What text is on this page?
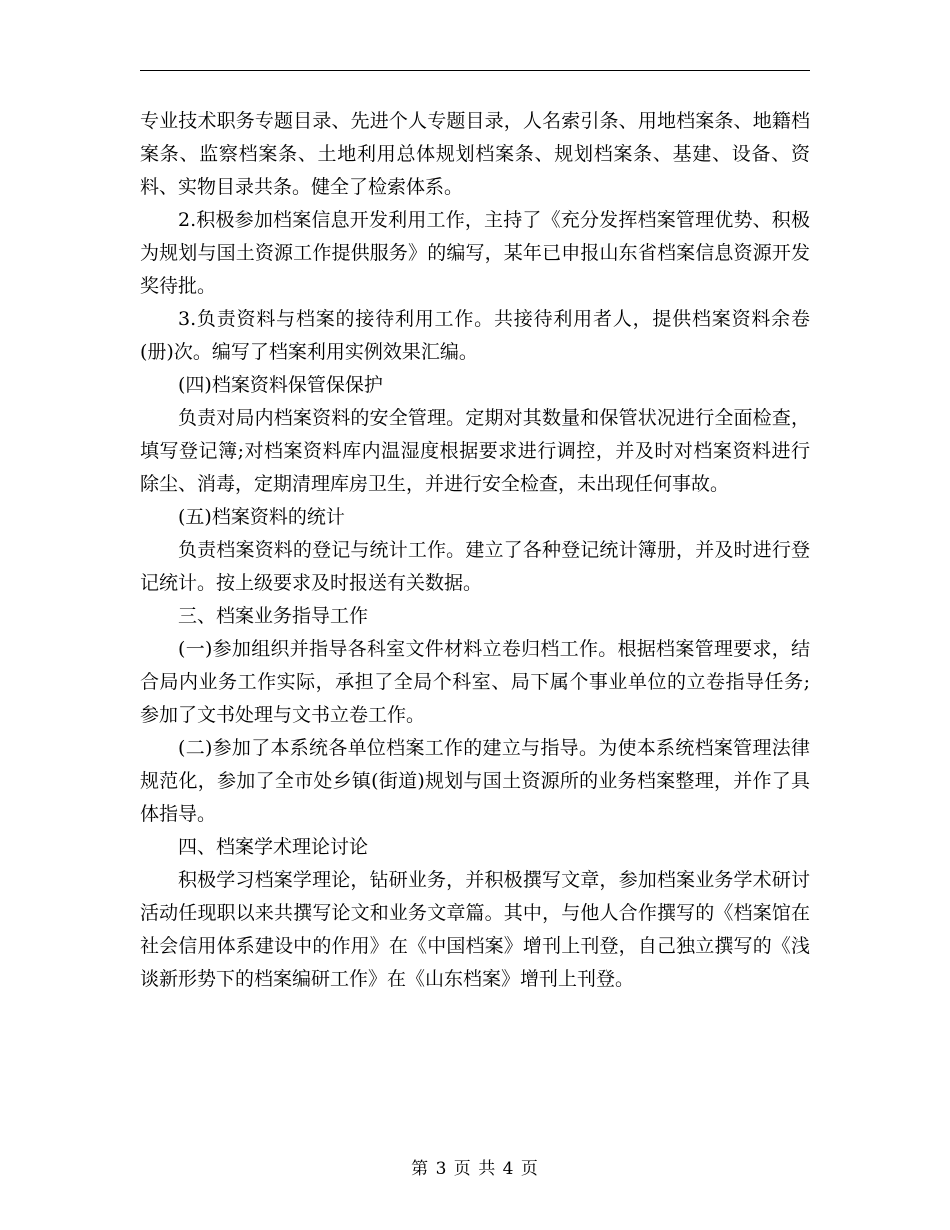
专业技术职务专题目录、先进个人专题目录，人名索引条、用地档案条、地籍档案条、监察档案条、土地利用总体规划档案条、规划档案条、基建、设备、资料、实物目录共条。健全了检索体系。

2.积极参加档案信息开发利用工作，主持了《充分发挥档案管理优势、积极为规划与国土资源工作提供服务》的编写，某年已申报山东省档案信息资源开发奖待批。

3.负责资料与档案的接待利用工作。共接待利用者人，提供档案资料余卷(册)次。编写了档案利用实例效果汇编。

(四)档案资料保管保保护

负责对局内档案资料的安全管理。定期对其数量和保管状况进行全面检查，填写登记簿;对档案资料库内温湿度根据要求进行调控，并及时对档案资料进行除尘、消毒，定期清理库房卫生，并进行安全检查，未出现任何事故。

(五)档案资料的统计

负责档案资料的登记与统计工作。建立了各种登记统计簿册，并及时进行登记统计。按上级要求及时报送有关数据。

三、档案业务指导工作

(一)参加组织并指导各科室文件材料立卷归档工作。根据档案管理要求，结合局内业务工作实际，承担了全局个科室、局下属个事业单位的立卷指导任务;参加了文书处理与文书立卷工作。

(二)参加了本系统各单位档案工作的建立与指导。为使本系统档案管理法律规范化，参加了全市处乡镇(街道)规划与国土资源所的业务档案整理，并作了具体指导。

四、档案学术理论讨论

积极学习档案学理论，钻研业务，并积极撰写文章，参加档案业务学术研讨活动任现职以来共撰写论文和业务文章篇。其中，与他人合作撰写的《档案馆在社会信用体系建设中的作用》在《中国档案》增刊上刊登，自己独立撰写的《浅谈新形势下的档案编研工作》在《山东档案》增刊上刊登。

第 3 页 共 4 页
